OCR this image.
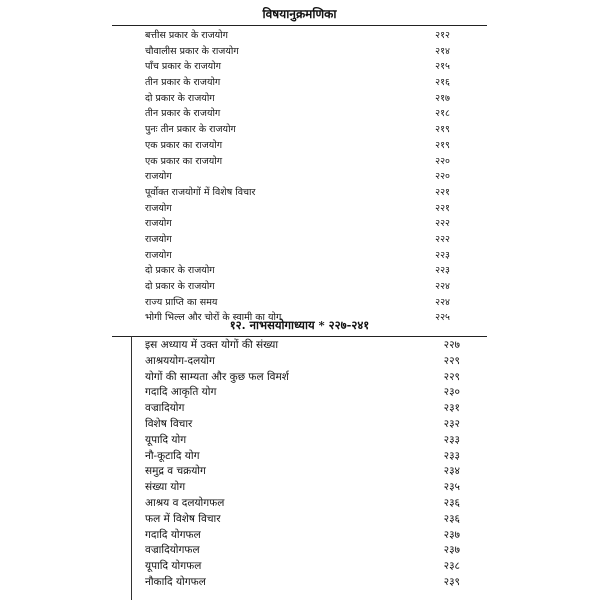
विषयानुक्रमणिका
बत्तीस प्रकार के राजयोग	२१२
चौवालीस प्रकार के राजयोग	२१४
पाँच प्रकार के राजयोग	२१५
तीन प्रकार के राजयोग	२१६
दो प्रकार के राजयोग	२१७
तीन प्रकार के राजयोग	२१८
पुनः तीन प्रकार के राजयोग	२१९
एक प्रकार का राजयोग	२१९
एक प्रकार का राजयोग	२२०
राजयोग	२२०
पूर्वोक्त राजयोगों में विशेष विचार	२२१
राजयोग	२२१
राजयोग	२२२
राजयोग	२२२
राजयोग	२२३
दो प्रकार के राजयोग	२२३
दो प्रकार के राजयोग	२२४
राज्य प्राप्ति का समय	२२४
भोगी भिल्ल और चोरों के स्वामी का योग	२२५
१२. नाभसयोगाध्याय * २२७-२४१
इस अध्याय में उक्त योगों की संख्या	२२७
आश्रययोग-दलयोग	२२९
योगों की साम्यता और कुछ फल विमर्श	२२९
गदादि आकृति योग	२३०
वज्रादियोग	२३१
विशेष विचार	२३२
यूपादि योग	२३३
नौ-कूटादि योग	२३३
समुद्र व चक्रयोग	२३४
संख्या योग	२३५
आश्रय व दलयोगफल	२३६
फल में विशेष विचार	२३६
गदादि योगफल	२३७
वज्रादियोगफल	२३७
यूपादि योगफल	२३८
नौकादि योगफल	२३९
